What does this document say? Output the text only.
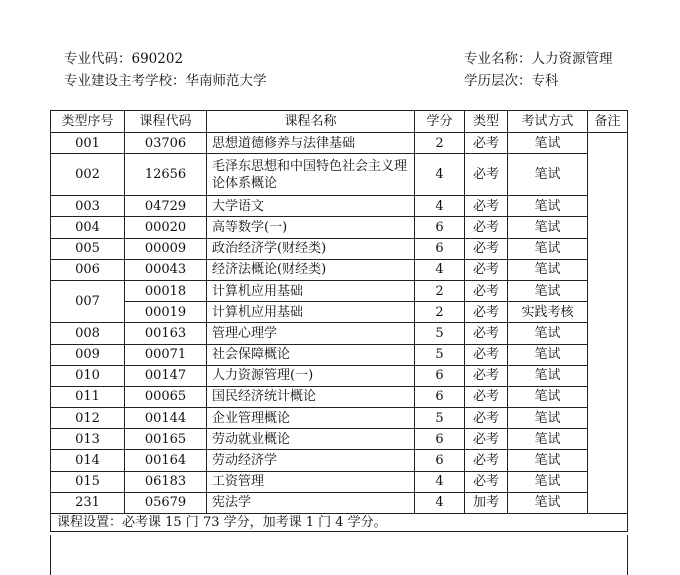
专业代码：690202	专业名称：人力资源管理
专业建设主考学校：华南师范大学	学历层次：专科
类型序号	课程代码	课程名称	学分	类型	考试方式	备注
001	03706	思想道德修养与法律基础	2	必考	笔试	
002	12656	毛泽东思想和中国特色社会主义理论体系概论	4	必考	笔试	
003	04729	大学语文	4	必考	笔试	
004	00020	高等数学(一)	6	必考	笔试	
005	00009	政治经济学(财经类)	6	必考	笔试	
006	00043	经济法概论(财经类)	4	必考	笔试	
007	00018	计算机应用基础	2	必考	笔试	
	00019	计算机应用基础	2	必考	实践考核	
008	00163	管理心理学	5	必考	笔试	
009	00071	社会保障概论	5	必考	笔试	
010	00147	人力资源管理(一)	6	必考	笔试	
011	00065	国民经济统计概论	6	必考	笔试	
012	00144	企业管理概论	5	必考	笔试	
013	00165	劳动就业概论	6	必考	笔试	
014	00164	劳动经济学	6	必考	笔试	
015	06183	工资管理	4	必考	笔试	
231	05679	宪法学	4	加考	笔试	
课程设置：必考课 15 门 73 学分，加考课 1 门 4 学分。						
